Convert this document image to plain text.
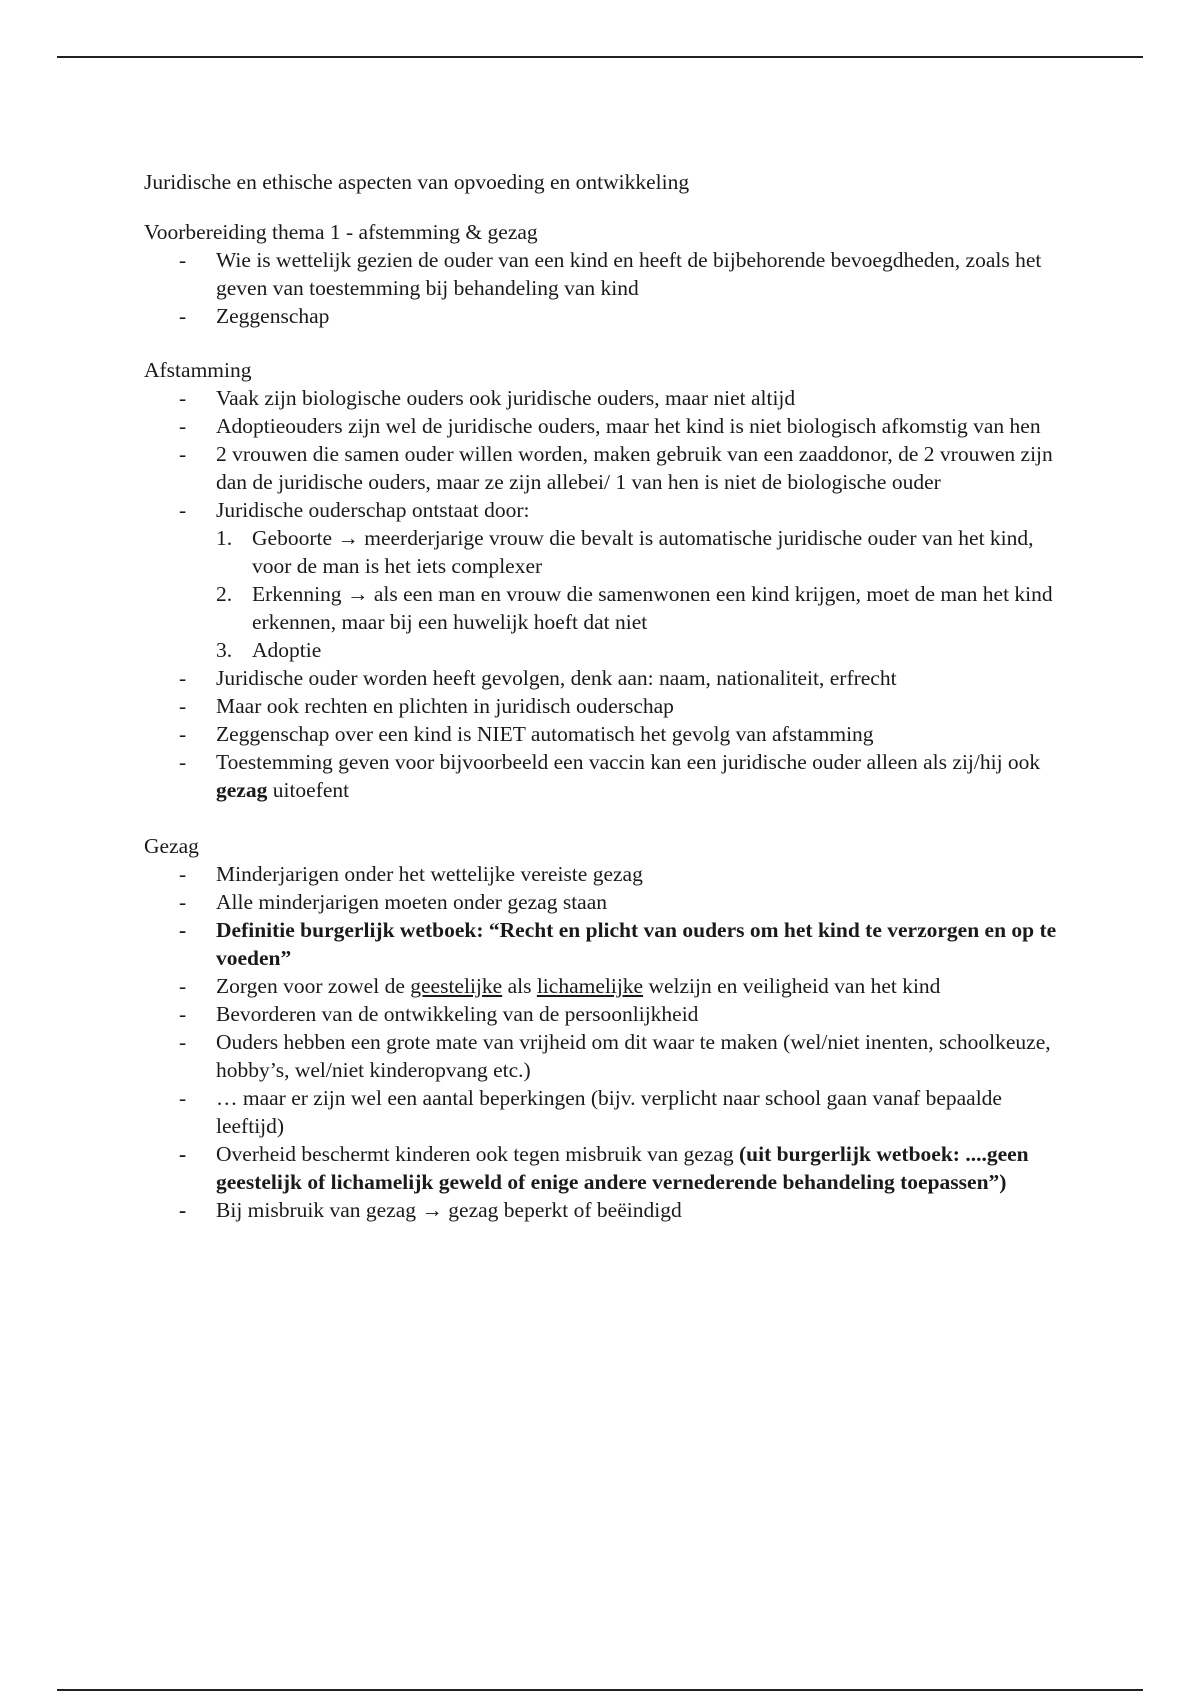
Juridische en ethische aspecten van opvoeding en ontwikkeling

Voorbereiding thema 1 - afstemming & gezag

- Wie is wettelijk gezien de ouder van een kind en heeft de bijbehorende bevoegdheden, zoals het geven van toestemming bij behandeling van kind
- Zeggenschap

Afstamming

- Vaak zijn biologische ouders ook juridische ouders, maar niet altijd
- Adoptieouders zijn wel de juridische ouders, maar het kind is niet biologisch afkomstig van hen
- 2 vrouwen die samen ouder willen worden, maken gebruik van een zaaddonor, de 2 vrouwen zijn dan de juridische ouders, maar ze zijn allebei/ 1 van hen is niet de biologische ouder
- Juridische ouderschap ontstaat door:
1. Geboorte → meerderjarige vrouw die bevalt is automatische juridische ouder van het kind, voor de man is het iets complexer
2. Erkenning → als een man en vrouw die samenwonen een kind krijgen, moet de man het kind erkennen, maar bij een huwelijk hoeft dat niet
3. Adoptie
- Juridische ouder worden heeft gevolgen, denk aan: naam, nationaliteit, erfrecht
- Maar ook rechten en plichten in juridisch ouderschap
- Zeggenschap over een kind is NIET automatisch het gevolg van afstamming
- Toestemming geven voor bijvoorbeeld een vaccin kan een juridische ouder alleen als zij/hij ook gezag uitoefent

Gezag

- Minderjarigen onder het wettelijke vereiste gezag
- Alle minderjarigen moeten onder gezag staan
- Definitie burgerlijk wetboek: “Recht en plicht van ouders om het kind te verzorgen en op te voeden”
- Zorgen voor zowel de geestelijke als lichamelijke welzijn en veiligheid van het kind
- Bevorderen van de ontwikkeling van de persoonlijkheid
- Ouders hebben een grote mate van vrijheid om dit waar te maken (wel/niet inenten, schoolkeuze, hobby’s, wel/niet kinderopvang etc.)
- … maar er zijn wel een aantal beperkingen (bijv. verplicht naar school gaan vanaf bepaalde leeftijd)
- Overheid beschermt kinderen ook tegen misbruik van gezag (uit burgerlijk wetboek: ....geen geestelijk of lichamelijk geweld of enige andere vernederende behandeling toepassen”)
- Bij misbruik van gezag → gezag beperkt of beëindigd
